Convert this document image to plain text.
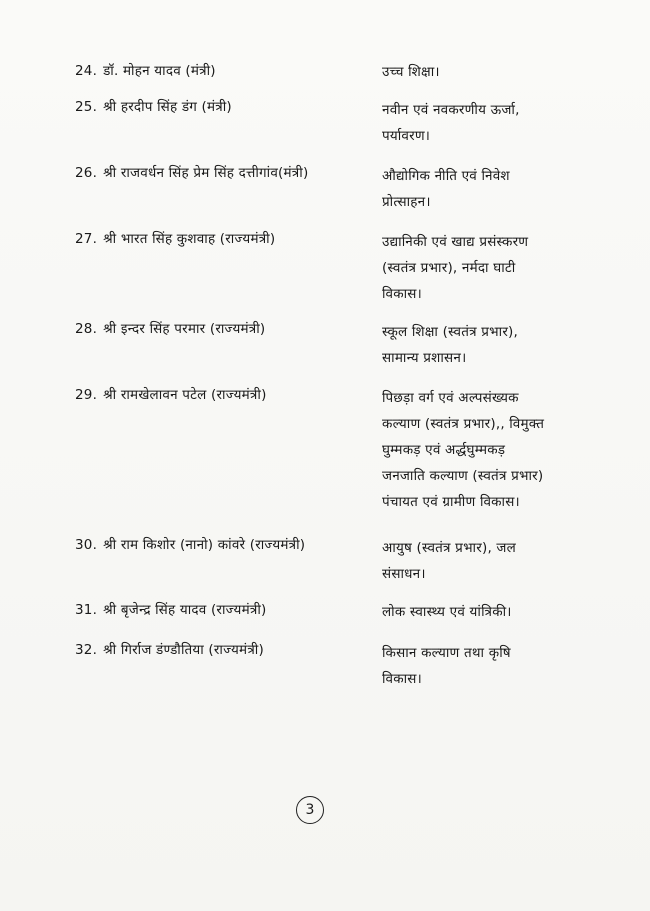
24. डॉ. मोहन यादव (मंत्री)	उच्च शिक्षा।
25. श्री हरदीप सिंह डंग (मंत्री)	नवीन एवं नवकरणीय ऊर्जा,
पर्यावरण।
26. श्री राजवर्धन सिंह प्रेम सिंह दत्तीगांव(मंत्री)	औद्योगिक नीति एवं निवेश
प्रोत्साहन।
27. श्री भारत सिंह कुशवाह (राज्यमंत्री)	उद्यानिकी एवं खाद्य प्रसंस्करण
(स्वतंत्र प्रभार), नर्मदा घाटी
विकास।
28. श्री इन्दर सिंह परमार (राज्यमंत्री)	स्कूल शिक्षा (स्वतंत्र प्रभार),
सामान्य प्रशासन।
29. श्री रामखेलावन पटेल (राज्यमंत्री)	पिछड़ा वर्ग एवं अल्पसंख्यक
कल्याण (स्वतंत्र प्रभार),, विमुक्त
घुम्मकड़ एवं अर्द्धघुम्मकड़
जनजाति कल्याण (स्वतंत्र प्रभार)
पंचायत एवं ग्रामीण विकास।
30. श्री राम किशोर (नानो) कांवरे (राज्यमंत्री)	आयुष (स्वतंत्र प्रभार), जल
संसाधन।
31. श्री बृजेन्द्र सिंह यादव (राज्यमंत्री)	लोक स्वास्थ्य एवं यांत्रिकी।
32. श्री गिर्राज डंण्डौतिया (राज्यमंत्री)	किसान कल्याण तथा कृषि
विकास।
3
